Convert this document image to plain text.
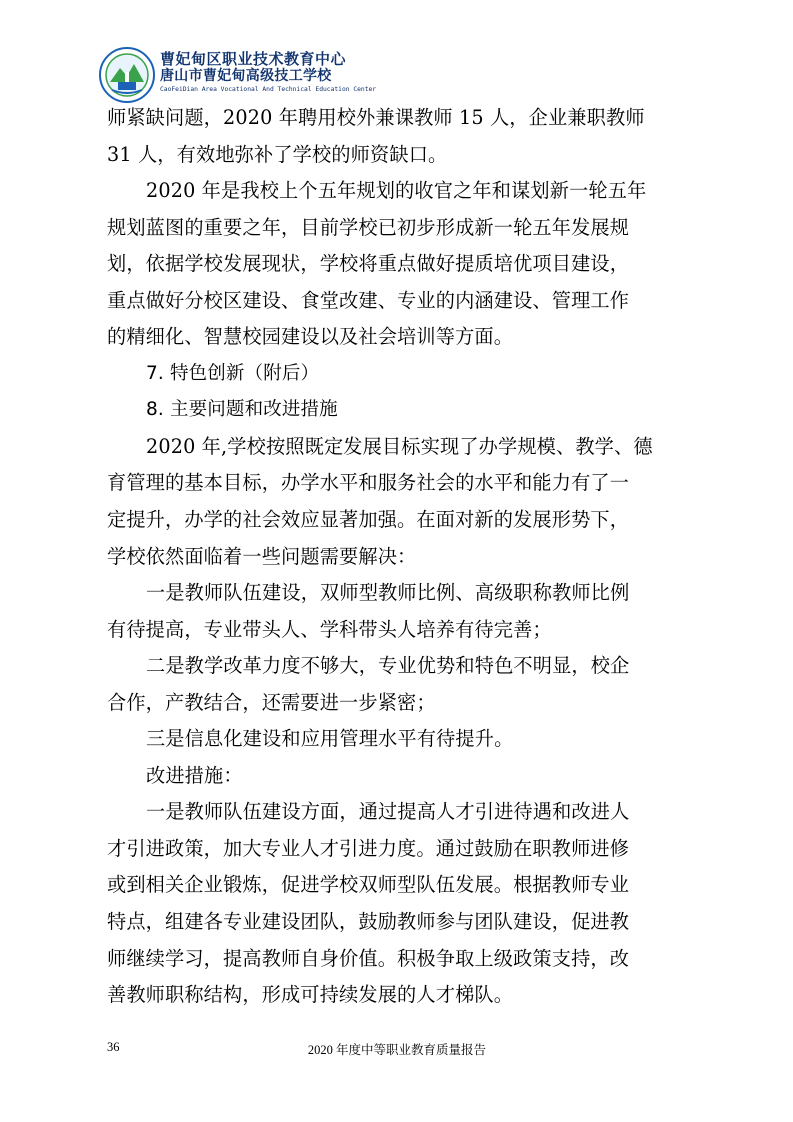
曹妃甸区职业技术教育中心
唐山市曹妃甸高级技工学校
CaoFeiDian Area Vocational And Technical Education Center
师紧缺问题，2020 年聘用校外兼课教师 15 人，企业兼职教师
31 人，有效地弥补了学校的师资缺口。
2020 年是我校上个五年规划的收官之年和谋划新一轮五年
规划蓝图的重要之年，目前学校已初步形成新一轮五年发展规
划，依据学校发展现状，学校将重点做好提质培优项目建设，
重点做好分校区建设、食堂改建、专业的内涵建设、管理工作
的精细化、智慧校园建设以及社会培训等方面。
7. 特色创新（附后）
8. 主要问题和改进措施
2020 年,学校按照既定发展目标实现了办学规模、教学、德
育管理的基本目标，办学水平和服务社会的水平和能力有了一
定提升，办学的社会效应显著加强。在面对新的发展形势下，
学校依然面临着一些问题需要解决：
一是教师队伍建设，双师型教师比例、高级职称教师比例
有待提高，专业带头人、学科带头人培养有待完善；
二是教学改革力度不够大，专业优势和特色不明显，校企
合作，产教结合，还需要进一步紧密；
三是信息化建设和应用管理水平有待提升。
改进措施：
一是教师队伍建设方面，通过提高人才引进待遇和改进人
才引进政策，加大专业人才引进力度。通过鼓励在职教师进修
或到相关企业锻炼，促进学校双师型队伍发展。根据教师专业
特点，组建各专业建设团队，鼓励教师参与团队建设，促进教
师继续学习，提高教师自身价值。积极争取上级政策支持，改
善教师职称结构，形成可持续发展的人才梯队。
36	2020 年度中等职业教育质量报告
